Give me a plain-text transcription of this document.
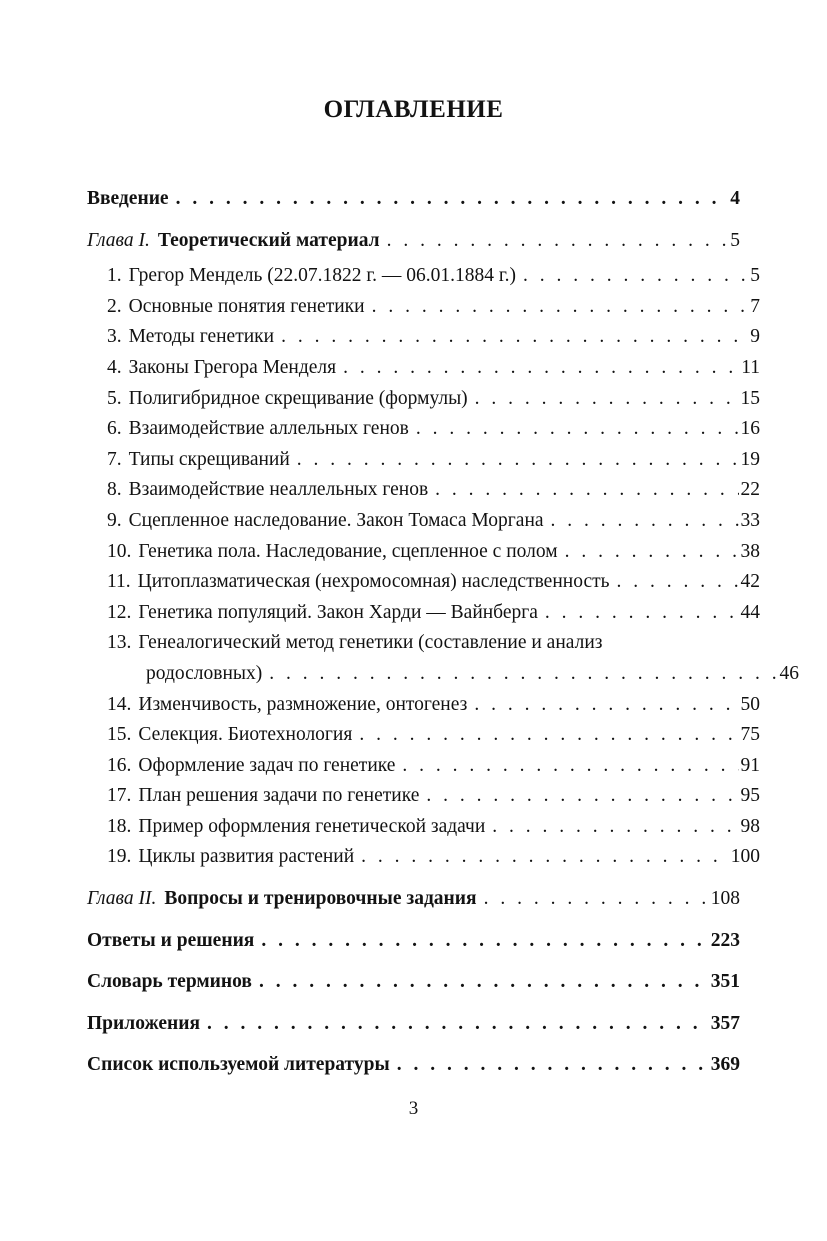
ОГЛАВЛЕНИЕ
Введение . . .	4
Глава I. Теоретический материал . . .	5
1. Грегор Мендель (22.07.1822 г. — 06.01.1884 г.) . . .	5
2. Основные понятия генетики . . .	7
3. Методы генетики . . .	9
4. Законы Грегора Менделя . . .	11
5. Полигибридное скрещивание (формулы) . . .	15
6. Взаимодействие аллельных генов . . .	16
7. Типы скрещиваний . . .	19
8. Взаимодействие неаллельных генов . . .	22
9. Сцепленное наследование. Закон Томаса Моргана . . .	33
10. Генетика пола. Наследование, сцепленное с полом . . .	38
11. Цитоплазматическая (нехромосомная) наследственность . . .	42
12. Генетика популяций. Закон Харди — Вайнберга . . .	44
13. Генеалогический метод генетики (составление и анализ
родословных) . . .	46
14. Изменчивость, размножение, онтогенез . . .	50
15. Селекция. Биотехнология . . .	75
16. Оформление задач по генетике . . .	91
17. План решения задачи по генетике . . .	95
18. Пример оформления генетической задачи . . .	98
19. Циклы развития растений . . .	100
Глава II. Вопросы и тренировочные задания . . .	108
Ответы и решения . . .	223
Словарь терминов . . .	351
Приложения . . .	357
Список используемой литературы . . .	369
3
